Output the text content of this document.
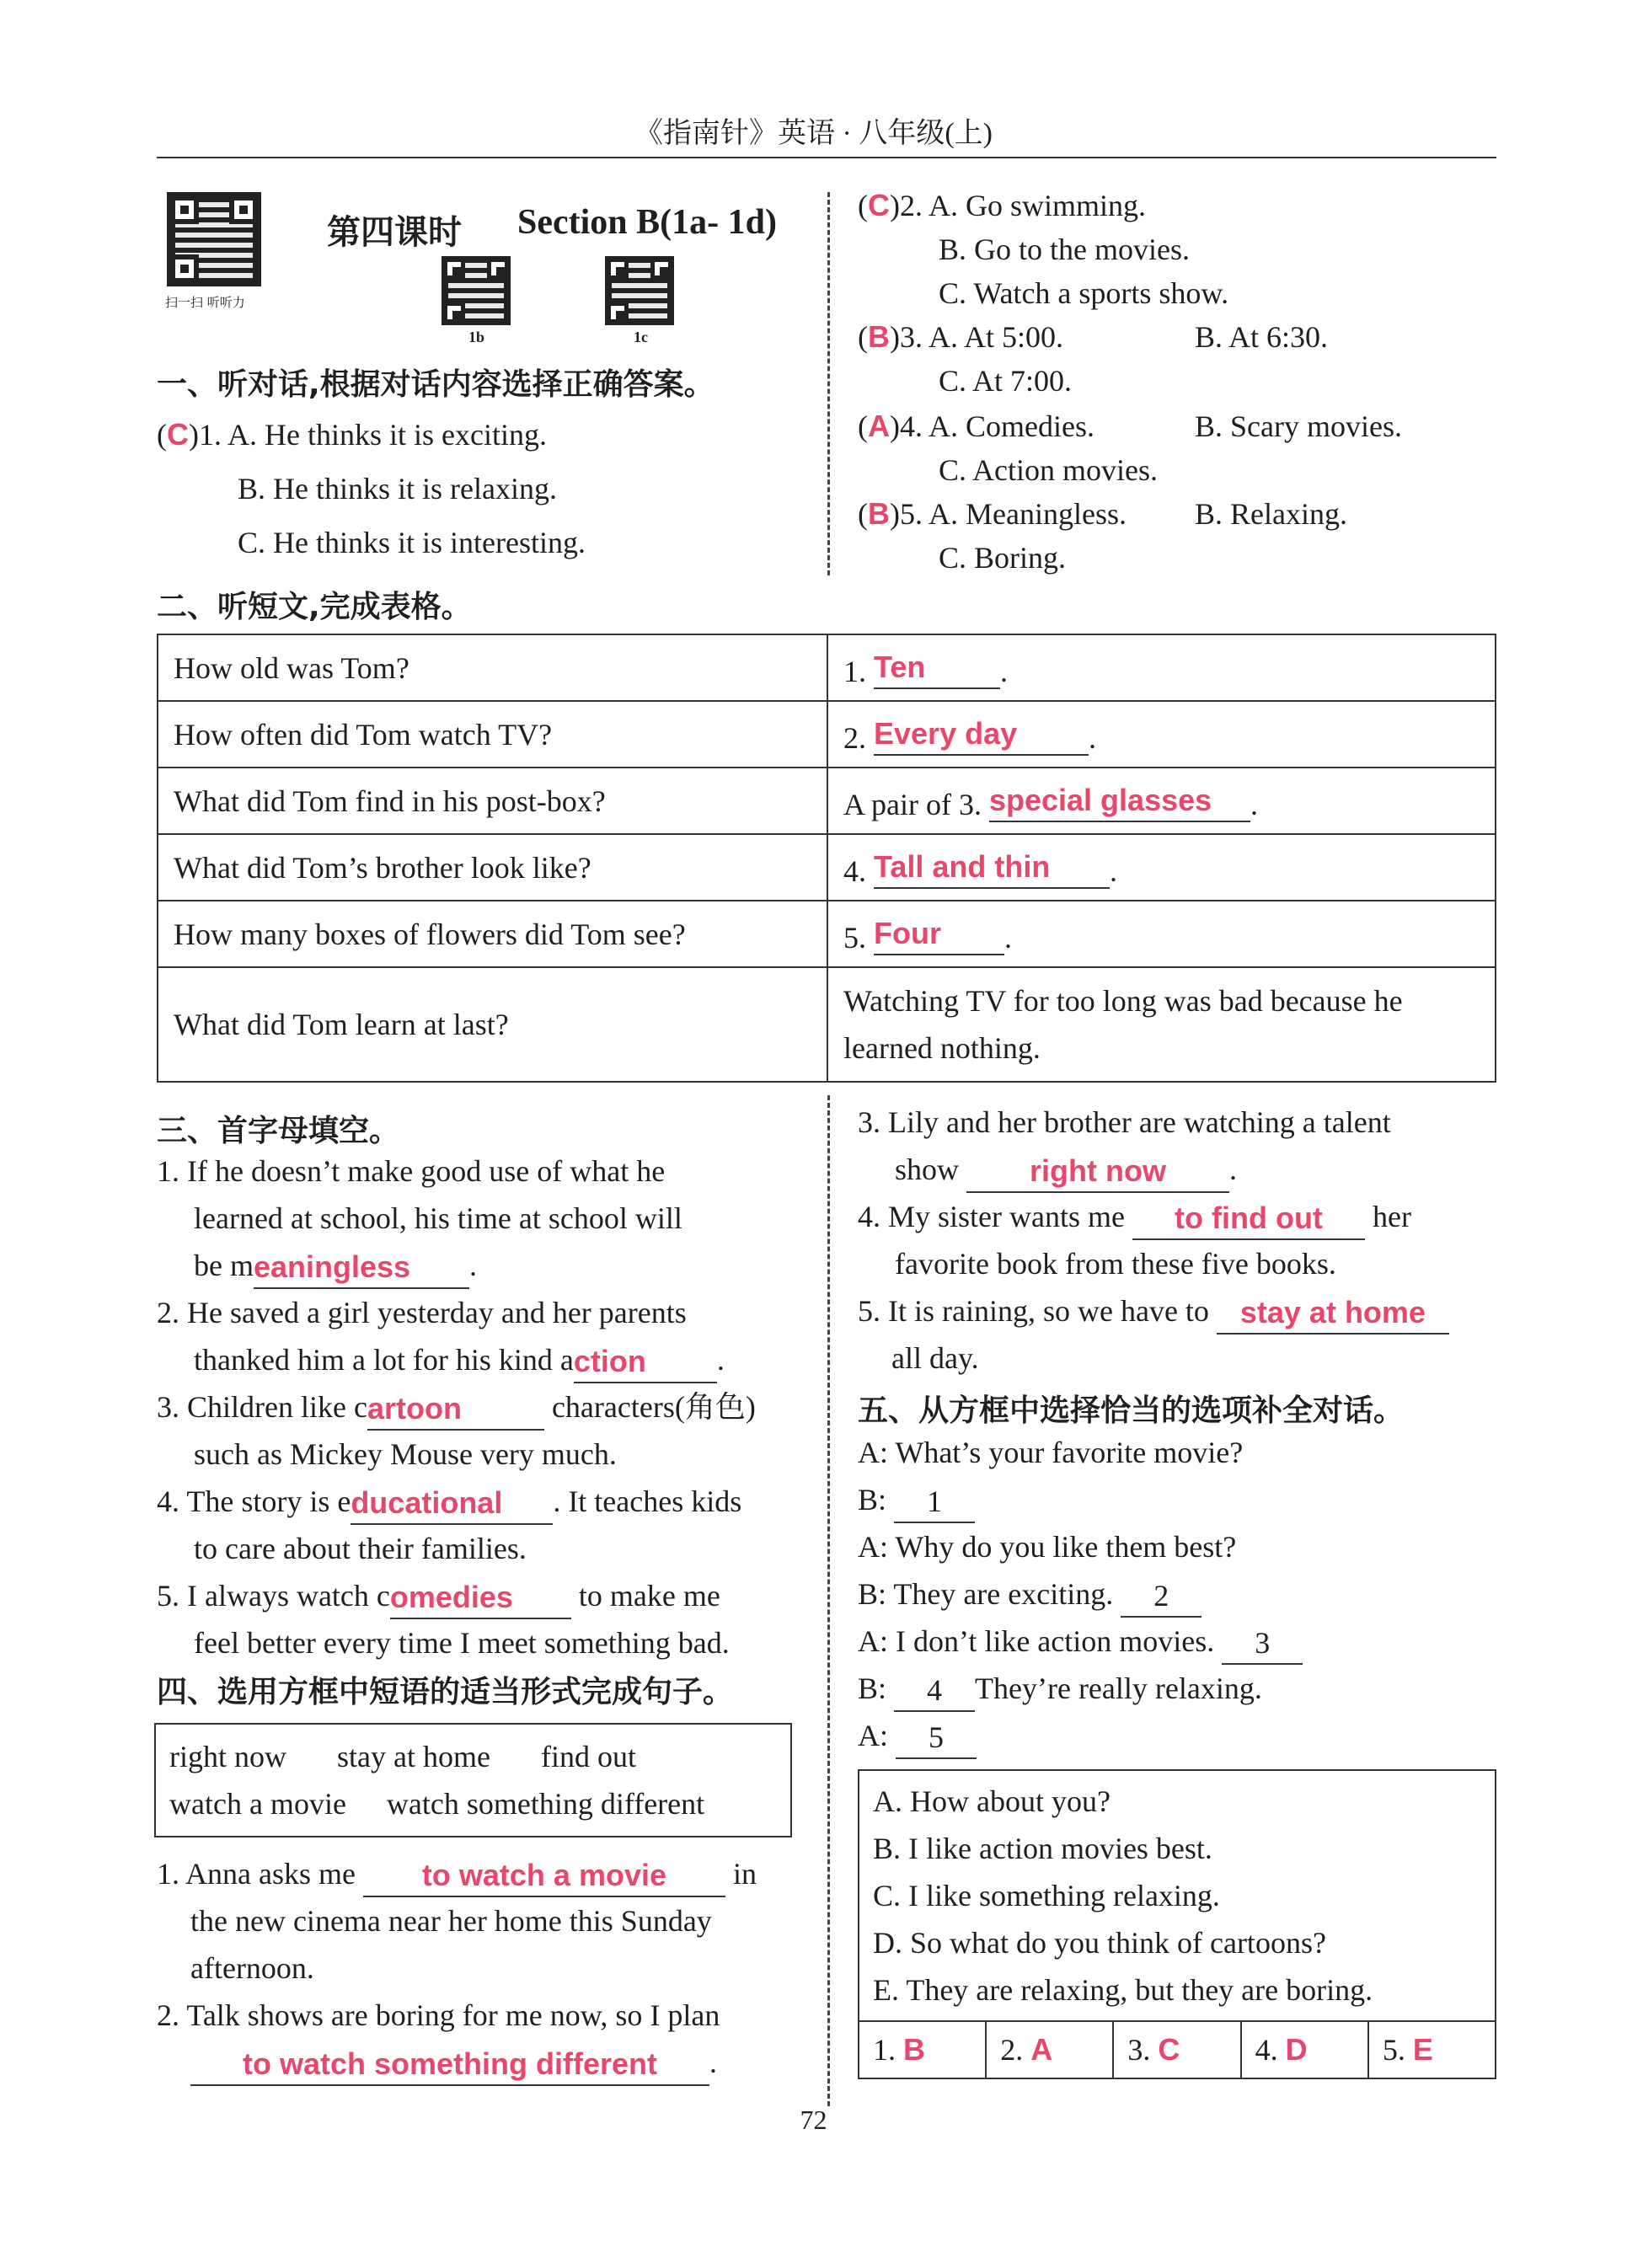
《指南针》英语 · 八年级(上)
扫一扫 听听力
第四课时 Section B(1a- 1d)
1b	1c
一、听对话,根据对话内容选择正确答案。
(C)1. A. He thinks it is exciting.
B. He thinks it is relaxing.
C. He thinks it is interesting.
(C)2. A. Go swimming.
B. Go to the movies.
C. Watch a sports show.
(B)3. A. At 5:00.	B. At 6:30.
C. At 7:00.
(A)4. A. Comedies.	B. Scary movies.
C. Action movies.
(B)5. A. Meaningless. B. Relaxing.
C. Boring.
二、听短文,完成表格。
How old was Tom?	1. Ten .
How often did Tom watch TV?	2. Every day .
What did Tom find in his post-box?	A pair of 3. special glasses .
What did Tom’s brother look like?	4. Tall and thin .
How many boxes of flowers did Tom see?	5. Four .
What did Tom learn at last?	Watching TV for too long was bad because he
learned nothing.
三、首字母填空。
1. If he doesn’t make good use of what he
learned at school, his time at school will
be meaningless .
2. He saved a girl yesterday and her parents
thanked him a lot for his kind action .
3. Children like cartoon	characters(角色)
such as Mickey Mouse very much.
4. The story is educational . It teaches kids
to care about their families.
5. I always watch comedies to make me
feel better every time I meet something bad.
四、选用方框中短语的适当形式完成句子。
right now stay at home find out
watch a movie watch something different
1. Anna asks me to watch a movie in
the new cinema near her home this Sunday
afternoon.
2. Talk shows are boring for me now, so I plan
to watch something different .
3. Lily and her brother are watching a talent
show right now .
4. My sister wants me to find out her
favorite book from these five books.
5. It is raining, so we have to stay at home
all day.
五、从方框中选择恰当的选项补全对话。
A: What’s your favorite movie?
B: 1
A: Why do you like them best?
B: They are exciting. 2
A: I don’t like action movies. 3
B: 4 They’re really relaxing.
A: 5
A. How about you?
B. I like action movies best.
C. I like something relaxing.
D. So what do you think of cartoons?
E. They are relaxing, but they are boring.
1. B	2. A	3. C	4. D	5. E
72
